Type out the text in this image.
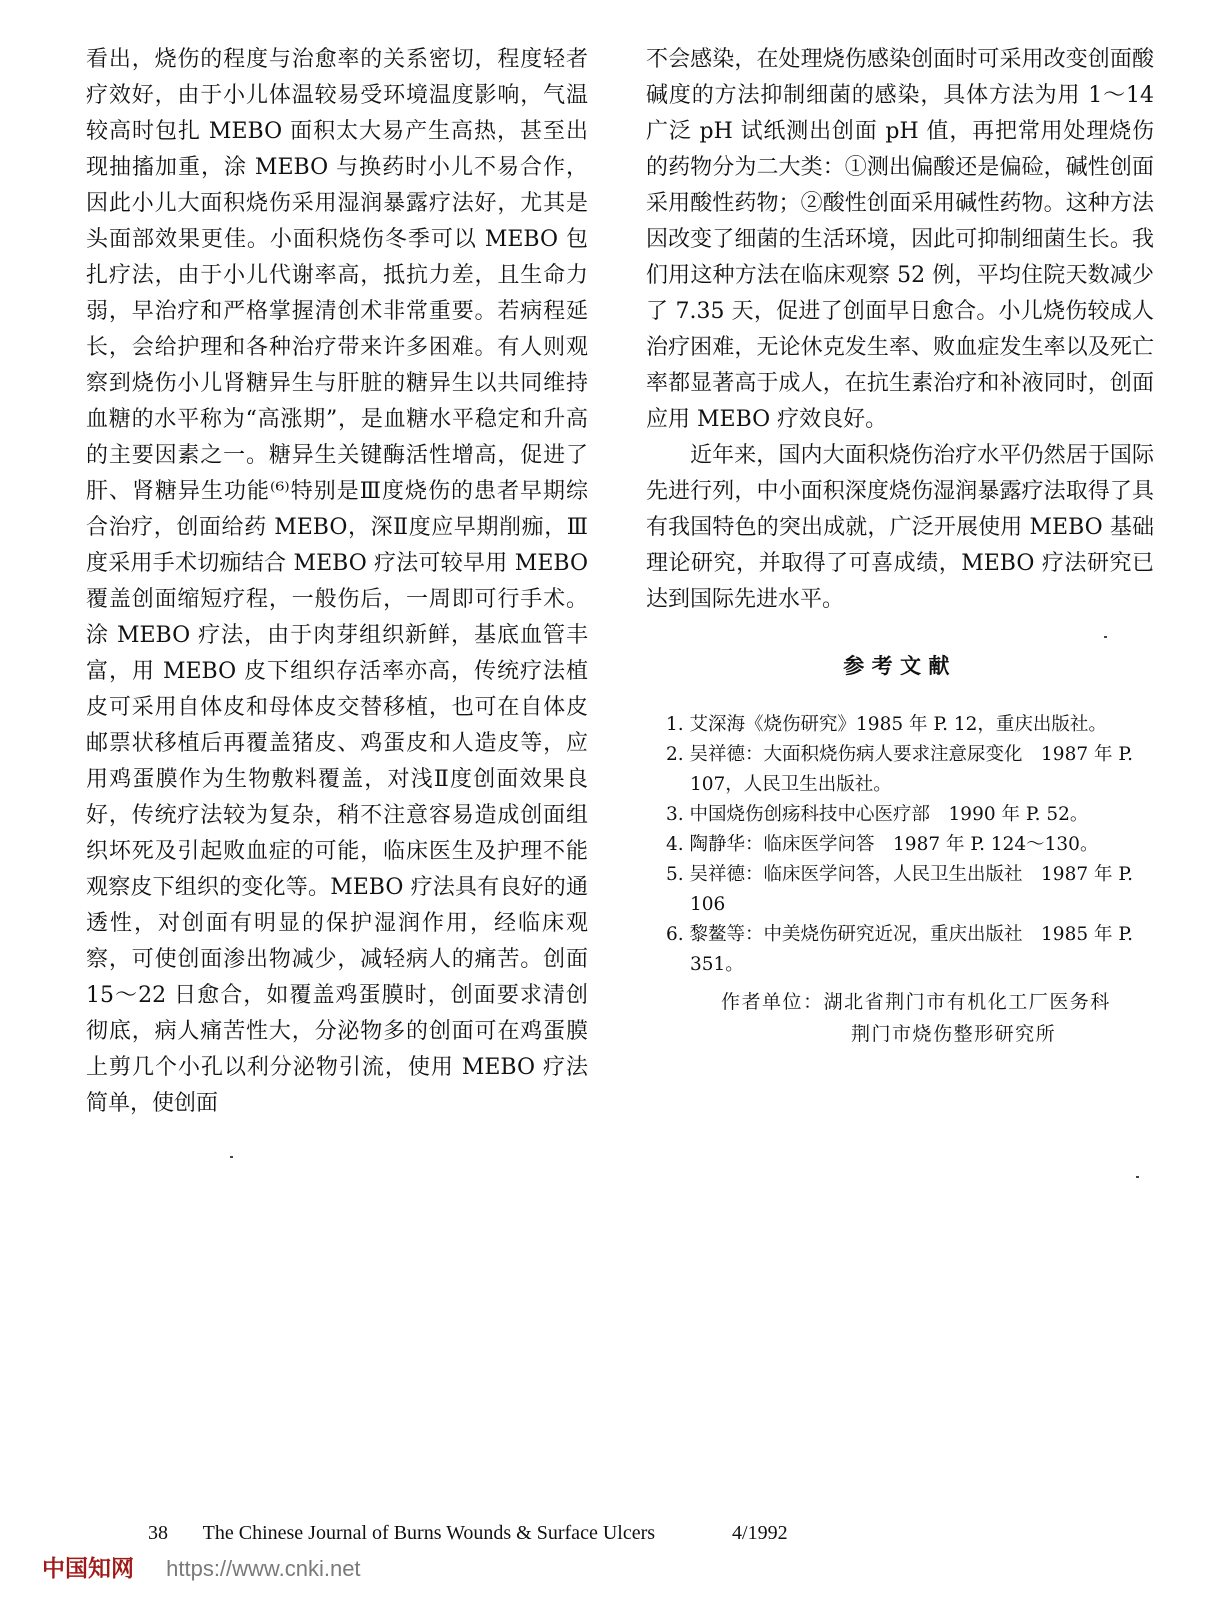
看出，烧伤的程度与治愈率的关系密切，程度轻者疗效好，由于小儿体温较易受环境温度影响，气温较高时包扎 MEBO 面积太大易产生高热，甚至出现抽搐加重，涂 MEBO 与换药时小儿不易合作，因此小儿大面积烧伤采用湿润暴露疗法好，尤其是头面部效果更佳。小面积烧伤冬季可以 MEBO 包扎疗法，由于小儿代谢率高，抵抗力差，且生命力弱，早治疗和严格掌握清创术非常重要。若病程延长，会给护理和各种治疗带来许多困难。有人则观察到烧伤小儿肾糖异生与肝脏的糖异生以共同维持血糖的水平称为“高涨期”，是血糖水平稳定和升高的主要因素之一。糖异生关键酶活性增高，促进了肝、肾糖异生功能⁽⁶⁾特别是Ⅲ度烧伤的患者早期综合治疗，创面给药 MEBO，深Ⅱ度应早期削痂，Ⅲ度采用手术切痂结合 MEBO 疗法可较早用 MEBO 覆盖创面缩短疗程，一般伤后，一周即可行手术。涂 MEBO 疗法，由于肉芽组织新鲜，基底血管丰富，用 MEBO 皮下组织存活率亦高，传统疗法植皮可采用自体皮和母体皮交替移植，也可在自体皮邮票状移植后再覆盖猪皮、鸡蛋皮和人造皮等，应用鸡蛋膜作为生物敷料覆盖，对浅Ⅱ度创面效果良好，传统疗法较为复杂，稍不注意容易造成创面组织坏死及引起败血症的可能，临床医生及护理不能观察皮下组织的变化等。MEBO 疗法具有良好的通透性，对创面有明显的保护湿润作用，经临床观察，可使创面渗出物减少，减轻病人的痛苦。创面 15～22 日愈合，如覆盖鸡蛋膜时，创面要求清创彻底，病人痛苦性大，分泌物多的创面可在鸡蛋膜上剪几个小孔以利分泌物引流，使用 MEBO 疗法简单，使创面

不会感染，在处理烧伤感染创面时可采用改变创面酸碱度的方法抑制细菌的感染，具体方法为用 1～14 广泛 pH 试纸测出创面 pH 值，再把常用处理烧伤的药物分为二大类：①测出偏酸还是偏硷，碱性创面采用酸性药物；②酸性创面采用碱性药物。这种方法因改变了细菌的生活环境，因此可抑制细菌生长。我们用这种方法在临床观察 52 例，平均住院天数减少了 7.35 天，促进了创面早日愈合。小儿烧伤较成人治疗困难，无论休克发生率、败血症发生率以及死亡率都显著高于成人，在抗生素治疗和补液同时，创面应用 MEBO 疗效良好。

近年来，国内大面积烧伤治疗水平仍然居于国际先进行列，中小面积深度烧伤湿润暴露疗法取得了具有我国特色的突出成就，广泛开展使用 MEBO 基础理论研究，并取得了可喜成绩，MEBO 疗法研究已达到国际先进水平。

参考文献
1. 艾深海《烧伤研究》1985 年 P. 12，重庆出版社。
2. 吴祥德：大面积烧伤病人要求注意尿变化　1987 年 P. 107，人民卫生出版社。
3. 中国烧伤创疡科技中心医疗部　1990 年 P. 52。
4. 陶静华：临床医学问答　1987 年 P. 124～130。
5. 吴祥德：临床医学问答，人民卫生出版社　1987 年 P. 106
6. 黎鳌等：中美烧伤研究近况，重庆出版社　1985 年 P. 351。
作者单位：湖北省荆门市有机化工厂医务科
荆门市烧伤整形研究所
38 The Chinese Journal of Burns Wounds & Surface Ulcers	4/1992
中国知网 https://www.cnki.net
